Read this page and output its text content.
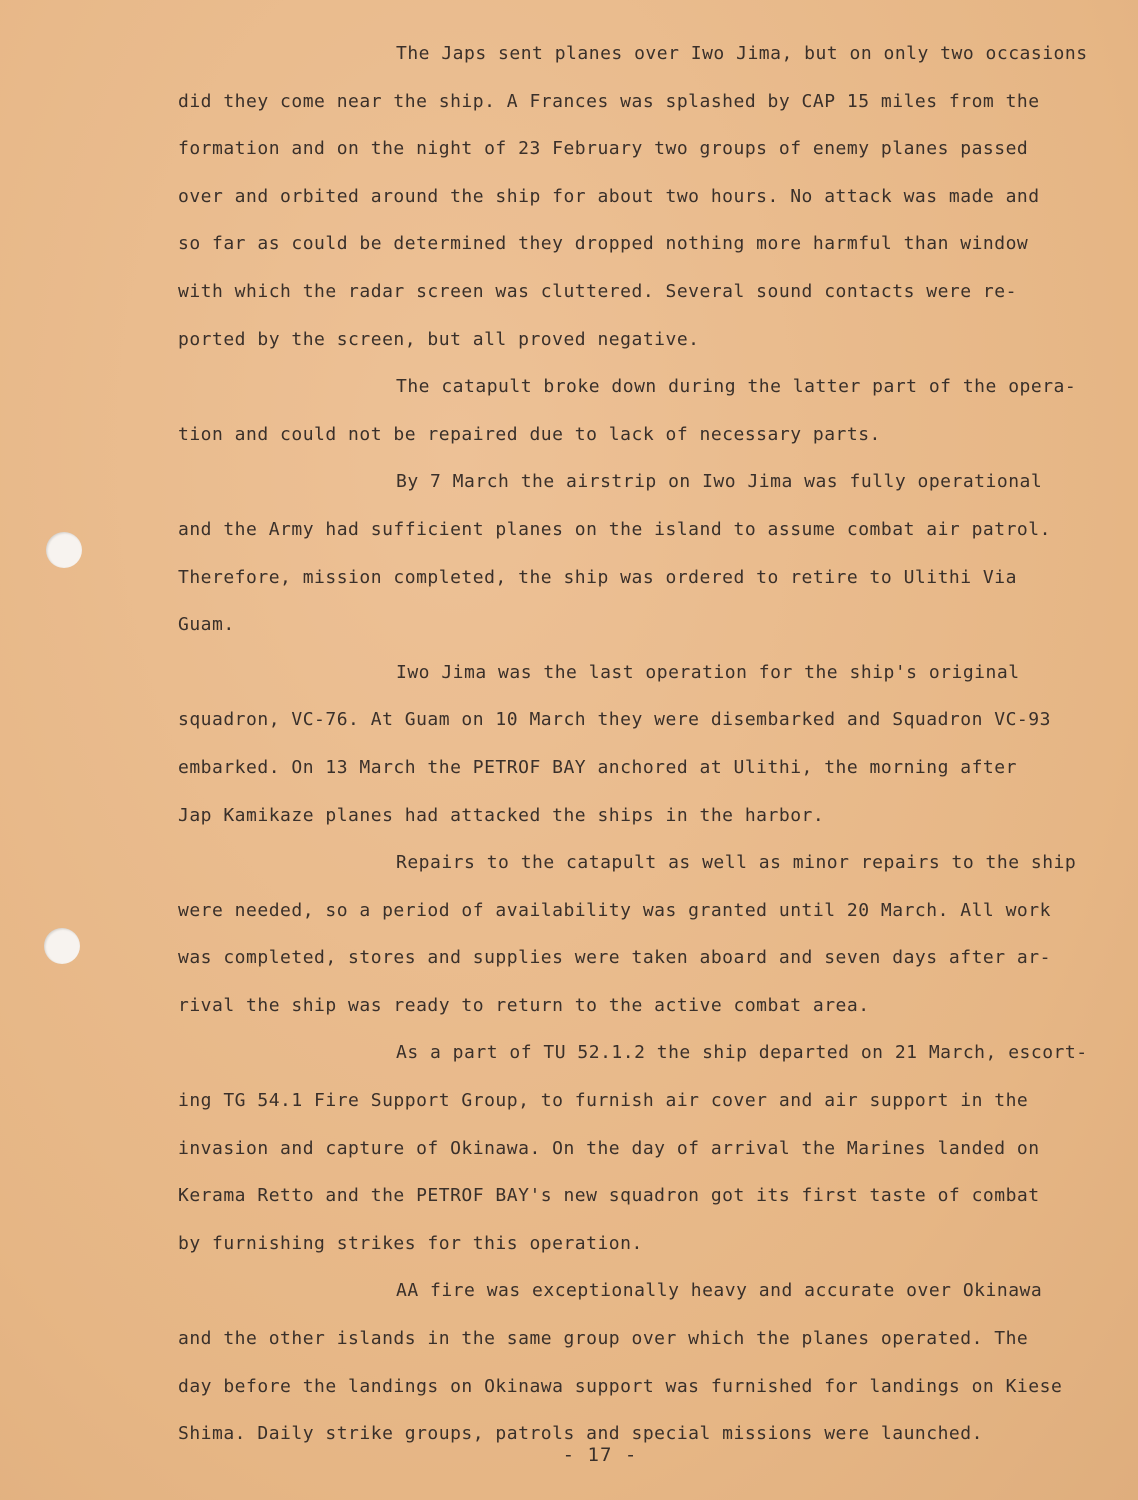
The Japs sent planes over Iwo Jima, but on only two occasions
did they come near the ship. A Frances was splashed by CAP 15 miles from the
formation and on the night of 23 February two groups of enemy planes passed
over and orbited around the ship for about two hours. No attack was made and
so far as could be determined they dropped nothing more harmful than window
with which the radar screen was cluttered. Several sound contacts were re-
ported by the screen, but all proved negative.
The catapult broke down during the latter part of the opera-
tion and could not be repaired due to lack of necessary parts.
By 7 March the airstrip on Iwo Jima was fully operational
and the Army had sufficient planes on the island to assume combat air patrol.
Therefore, mission completed, the ship was ordered to retire to Ulithi Via
Guam.
Iwo Jima was the last operation for the ship's original
squadron, VC-76. At Guam on 10 March they were disembarked and Squadron VC-93
embarked. On 13 March the PETROF BAY anchored at Ulithi, the morning after
Jap Kamikaze planes had attacked the ships in the harbor.
Repairs to the catapult as well as minor repairs to the ship
were needed, so a period of availability was granted until 20 March. All work
was completed, stores and supplies were taken aboard and seven days after ar-
rival the ship was ready to return to the active combat area.
As a part of TU 52.1.2 the ship departed on 21 March, escort-
ing TG 54.1 Fire Support Group, to furnish air cover and air support in the
invasion and capture of Okinawa. On the day of arrival the Marines landed on
Kerama Retto and the PETROF BAY's new squadron got its first taste of combat
by furnishing strikes for this operation.
AA fire was exceptionally heavy and accurate over Okinawa
and the other islands in the same group over which the planes operated. The
day before the landings on Okinawa support was furnished for landings on Kiese
Shima. Daily strike groups, patrols and special missions were launched.
- 17 -
